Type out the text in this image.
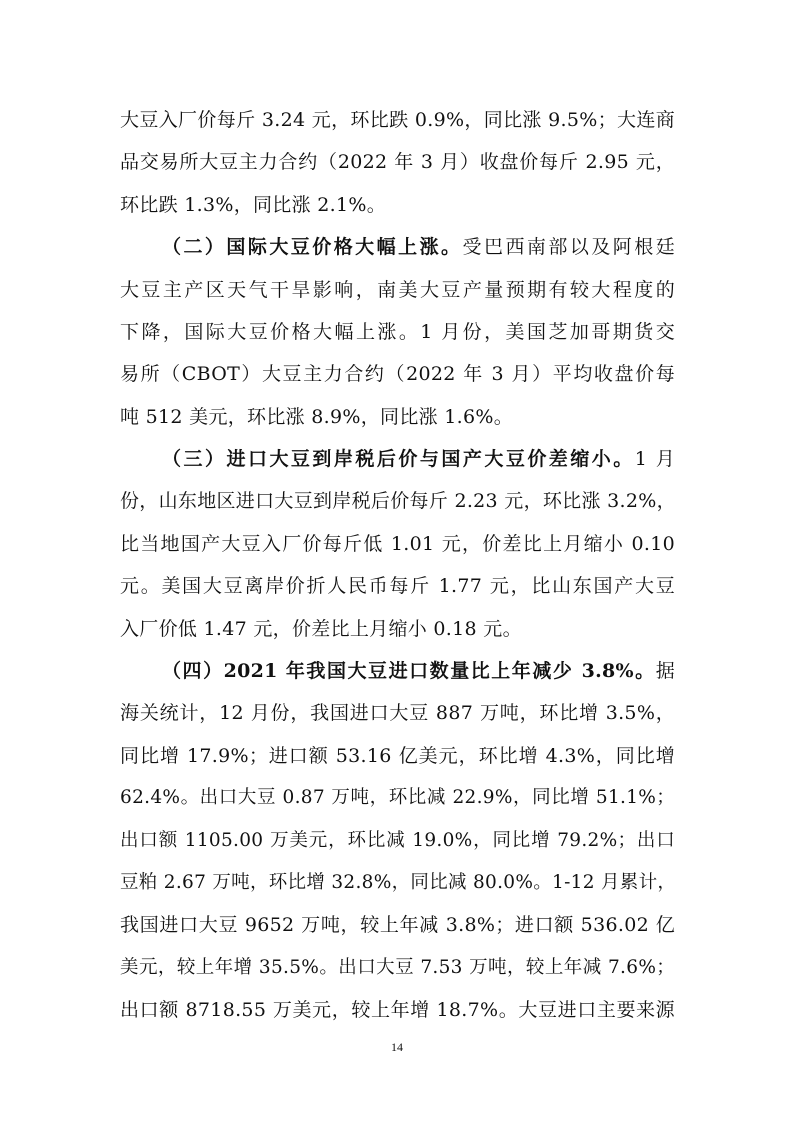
大豆入厂价每斤 3.24 元，环比跌 0.9%，同比涨 9.5%；大连商
品交易所大豆主力合约（2022 年 3 月）收盘价每斤 2.95 元，
环比跌 1.3%，同比涨 2.1%。
（二）国际大豆价格大幅上涨。受巴西南部以及阿根廷
大豆主产区天气干旱影响，南美大豆产量预期有较大程度的
下降，国际大豆价格大幅上涨。1 月份，美国芝加哥期货交
易所（CBOT）大豆主力合约（2022 年 3 月）平均收盘价每
吨 512 美元，环比涨 8.9%，同比涨 1.6%。
（三）进口大豆到岸税后价与国产大豆价差缩小。1 月
份，山东地区进口大豆到岸税后价每斤 2.23 元，环比涨 3.2%，
比当地国产大豆入厂价每斤低 1.01 元，价差比上月缩小 0.10
元。美国大豆离岸价折人民币每斤 1.77 元，比山东国产大豆
入厂价低 1.47 元，价差比上月缩小 0.18 元。
（四）2021 年我国大豆进口数量比上年减少 3.8%。据
海关统计，12 月份，我国进口大豆 887 万吨，环比增 3.5%，
同比增 17.9%；进口额 53.16 亿美元，环比增 4.3%，同比增
62.4%。出口大豆 0.87 万吨，环比减 22.9%，同比增 51.1%；
出口额 1105.00 万美元，环比减 19.0%，同比增 79.2%；出口
豆粕 2.67 万吨，环比增 32.8%，同比减 80.0%。1-12 月累计，
我国进口大豆 9652 万吨，较上年减 3.8%；进口额 536.02 亿
美元，较上年增 35.5%。出口大豆 7.53 万吨，较上年减 7.6%；
出口额 8718.55 万美元，较上年增 18.7%。大豆进口主要来源
14
